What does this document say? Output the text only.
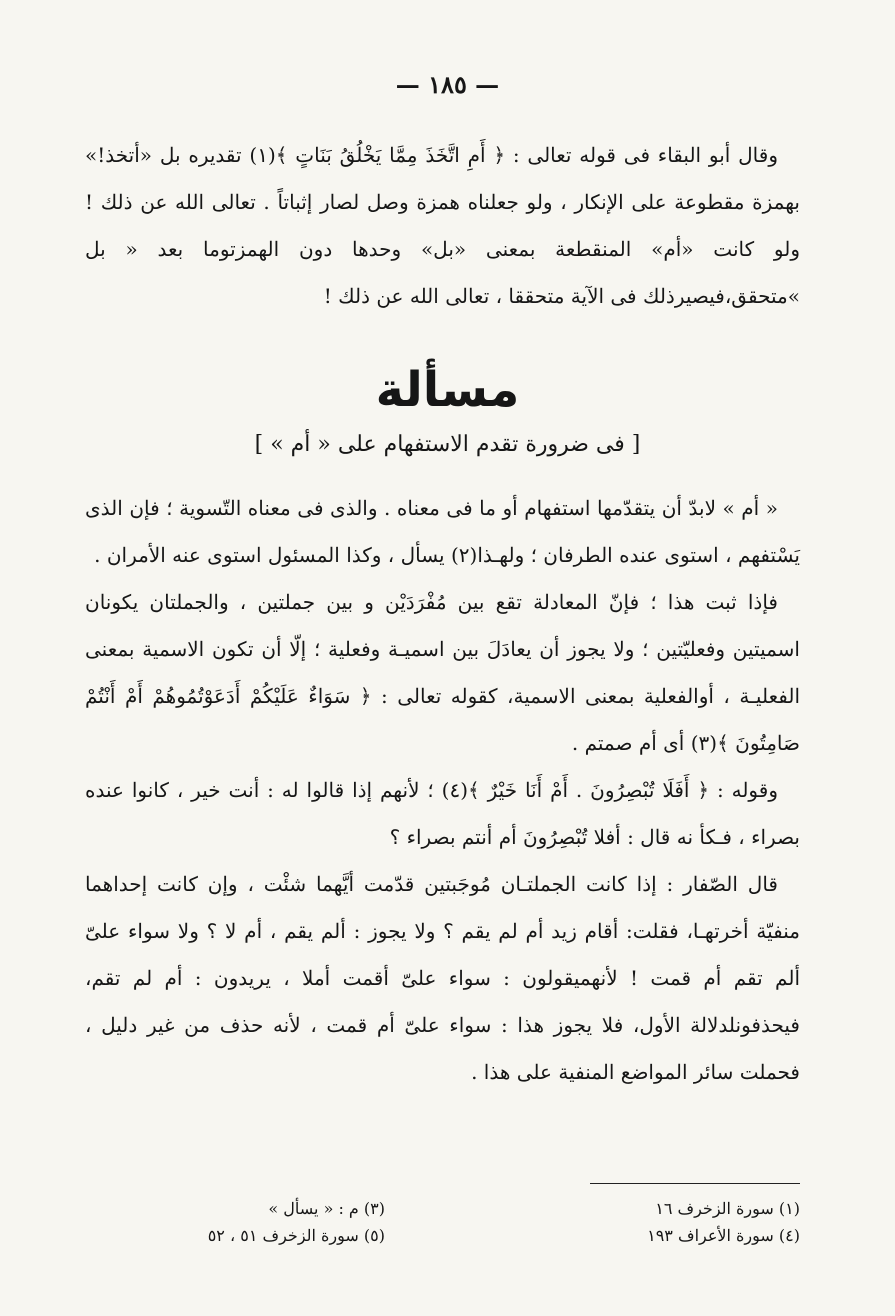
— ١٨٥ —

وقال أبو البقاء فى قوله تعالى : ﴿ أَمِ اتَّخَذَ مِمَّا يَخْلُقُ بَنَاتٍ ﴾(١) تقديره بل «أتخذ!» بهمزة مقطوعة على الإنكار ، ولو جعلناه همزة وصل لصار إثباتاً . تعالى الله عن ذلك ! ولو كانت «أم» المنقطعة بمعنى «بل» وحدها دون الهمزتوما بعد « بل »متحقق،فيصيرذلك فى الآية متحققا ، تعالى الله عن ذلك !

مسألة
[ فى ضرورة تقدم الاستفهام على « أم » ]

« أم » لابدّ أن يتقدّمها استفهام أو ما فى معناه . والذى فى معناه التّسوية ؛ فإن الذى يَسْتفهم ، استوى عنده الطرفان ؛ ولهـذا(٢) يسأل ، وكذا المسئول استوى عنه الأمران .

فإذا ثبت هذا ؛ فإنّ المعادلة تقع بين مُفْرَدَيْن و بين جملتين ، والجملتان يكونان اسميتين وفعليّتين ؛ ولا يجوز أن يعادَلَ بين اسميـة وفعلية ؛ إلّا أن تكون الاسمية بمعنى الفعليـة ، أوالفعلية بمعنى الاسمية، كقوله تعالى : ﴿ سَوَاءٌ عَلَيْكُمْ أَدَعَوْتُمُوهُمْ أَمْ أَنْتُمْ صَامِتُونَ ﴾(٣) أى أم صمتم .

وقوله : ﴿ أَفَلَا تُبْصِرُونَ . أَمْ أَنَا خَيْرٌ ﴾(٤) ؛ لأنهم إذا قالوا له : أنت خير ، كانوا عنده بصراء ، فـكأ نه قال : أفلا تُبْصِرُونَ أم أنتم بصراء ؟

قال الصّفار : إذا كانت الجملتـان مُوجَبتين قدّمت أيَّهما شئْت ، وإن كانت إحداهما منفيّة أخرتهـا، فقلت: أقام زيد أم لم يقم ؟ ولا يجوز : ألم يقم ، أم لا ؟ ولا سواء علىّ ألم تقم أم قمت ! لأنهميقولون : سواء علىّ أقمت أملا ، يريدون : أم لم تقم، فيحذفونلدلالة الأول، فلا يجوز هذا : سواء علىّ أم قمت ، لأنه حذف من غير دليل ، فحملت سائر المواضع المنفية على هذا .

(١) سورة الزخرف ١٦
(٣) م : « يسأل »
(٤) سورة الأعراف ١٩٣
(٥) سورة الزخرف ٥١ ، ٥٢
